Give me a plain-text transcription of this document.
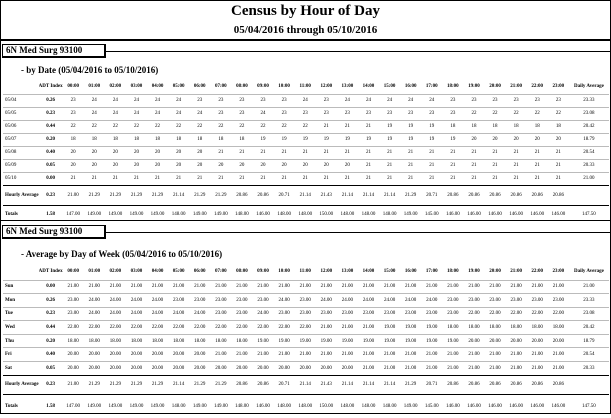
Census by Hour of Day
05/04/2016 through 05/10/2016
6N Med Surg 93100
- by Date (05/04/2016 to 05/10/2016)
	ADT Index	00:00	01:00	02:00	03:00	04:00	05:00	06:00	07:00	08:00	09:00	10:00	11:00	12:00	13:00	14:00	15:00	16:00	17:00	18:00	19:00	20:00	21:00	22:00	23:00	Daily Average
05/04	0.26	23	24	24	24	24	24	23	23	23	23	23	24	23	24	24	24	24	24	23	23	23	23	23	23	23.33
05/05	0.23	23	24	24	24	24	24	24	23	23	24	23	23	23	23	23	23	23	23	23	22	22	22	22	22	23.08
05/06	0.44	22	22	22	22	22	22	22	22	22	22	22	22	21	21	21	19	19	19	18	18	18	18	18	18	20.42
05/07	0.20	18	18	18	18	18	18	18	18	18	19	19	19	19	19	19	19	19	19	19	20	20	20	20	20	18.79
05/08	0.40	20	20	20	20	20	20	20	21	21	21	21	21	21	21	21	21	21	21	21	21	21	21	21	21	20.54
05/09	0.05	20	20	20	20	20	20	20	20	20	20	20	20	20	20	21	21	21	21	21	21	21	21	21	21	20.33
05/10	0.00	21	21	21	21	21	21	21	21	21	21	21	21	21	21	21	21	21	21	21	21	21	21	21	21	21.00
Hourly Average	0.23	21.00	21.29	21.29	21.29	21.29	21.14	21.29	21.29	20.86	20.86	20.71	21.14	21.43	21.14	21.14	21.14	21.29	20.71	20.86	20.86	20.86	20.86	20.86	20.86	
Totals	1.58	147.00	149.00	149.00	149.00	149.00	148.00	149.00	149.00	148.00	146.00	148.00	148.00	150.00	148.00	148.00	148.00	149.00	145.00	146.00	146.00	146.00	146.00	146.00	146.00	147.50
6N Med Surg 93100
- Average by Day of Week (05/04/2016 to 05/10/2016)
	ADT Index	00:00	01:00	02:00	03:00	04:00	05:00	06:00	07:00	08:00	09:00	10:00	11:00	12:00	13:00	14:00	15:00	16:00	17:00	18:00	19:00	20:00	21:00	22:00	23:00	Daily Average
Sun	0.00	21.00	21.00	21.00	21.00	21.00	21.00	21.00	21.00	21.00	21.00	21.00	21.00	21.00	21.00	21.00	21.00	21.00	21.00	21.00	21.00	21.00	21.00	21.00	21.00	21.00
Mon	0.26	23.00	24.00	24.00	24.00	24.00	23.00	23.00	23.00	23.00	23.00	24.00	23.00	24.00	24.00	24.00	24.00	24.00	24.00	23.00	23.00	23.00	23.00	23.00	23.00	23.33
Tue	0.23	23.00	24.00	24.00	24.00	24.00	24.00	24.00	23.00	23.00	24.00	23.00	23.00	23.00	23.00	23.00	23.00	23.00	23.00	23.00	22.00	22.00	22.00	22.00	22.00	23.08
Wed	0.44	22.00	22.00	22.00	22.00	22.00	22.00	22.00	22.00	22.00	22.00	22.00	22.00	21.00	21.00	21.00	19.00	19.00	19.00	18.00	18.00	18.00	18.00	18.00	18.00	20.42
Thu	0.20	18.00	18.00	18.00	18.00	18.00	18.00	18.00	18.00	18.00	19.00	19.00	19.00	19.00	19.00	19.00	19.00	19.00	19.00	19.00	20.00	20.00	20.00	20.00	20.00	18.79
Fri	0.40	20.00	20.00	20.00	20.00	20.00	20.00	20.00	21.00	21.00	21.00	21.00	21.00	21.00	21.00	21.00	21.00	21.00	21.00	21.00	21.00	21.00	21.00	21.00	21.00	20.54
Sat	0.05	20.00	20.00	20.00	20.00	20.00	20.00	20.00	20.00	20.00	20.00	20.00	20.00	20.00	20.00	21.00	21.00	21.00	21.00	21.00	21.00	21.00	21.00	21.00	21.00	20.33
Hourly Average	0.23	21.00	21.29	21.29	21.29	21.29	21.14	21.29	21.29	20.86	20.86	20.71	21.14	21.43	21.14	21.14	21.14	21.29	20.71	20.86	20.86	20.86	20.86	20.86	20.86	
Totals	1.58	147.00	149.00	149.00	149.00	149.00	148.00	149.00	149.00	148.00	146.00	148.00	148.00	150.00	148.00	148.00	148.00	149.00	145.00	146.00	146.00	146.00	146.00	146.00	146.00	147.50
